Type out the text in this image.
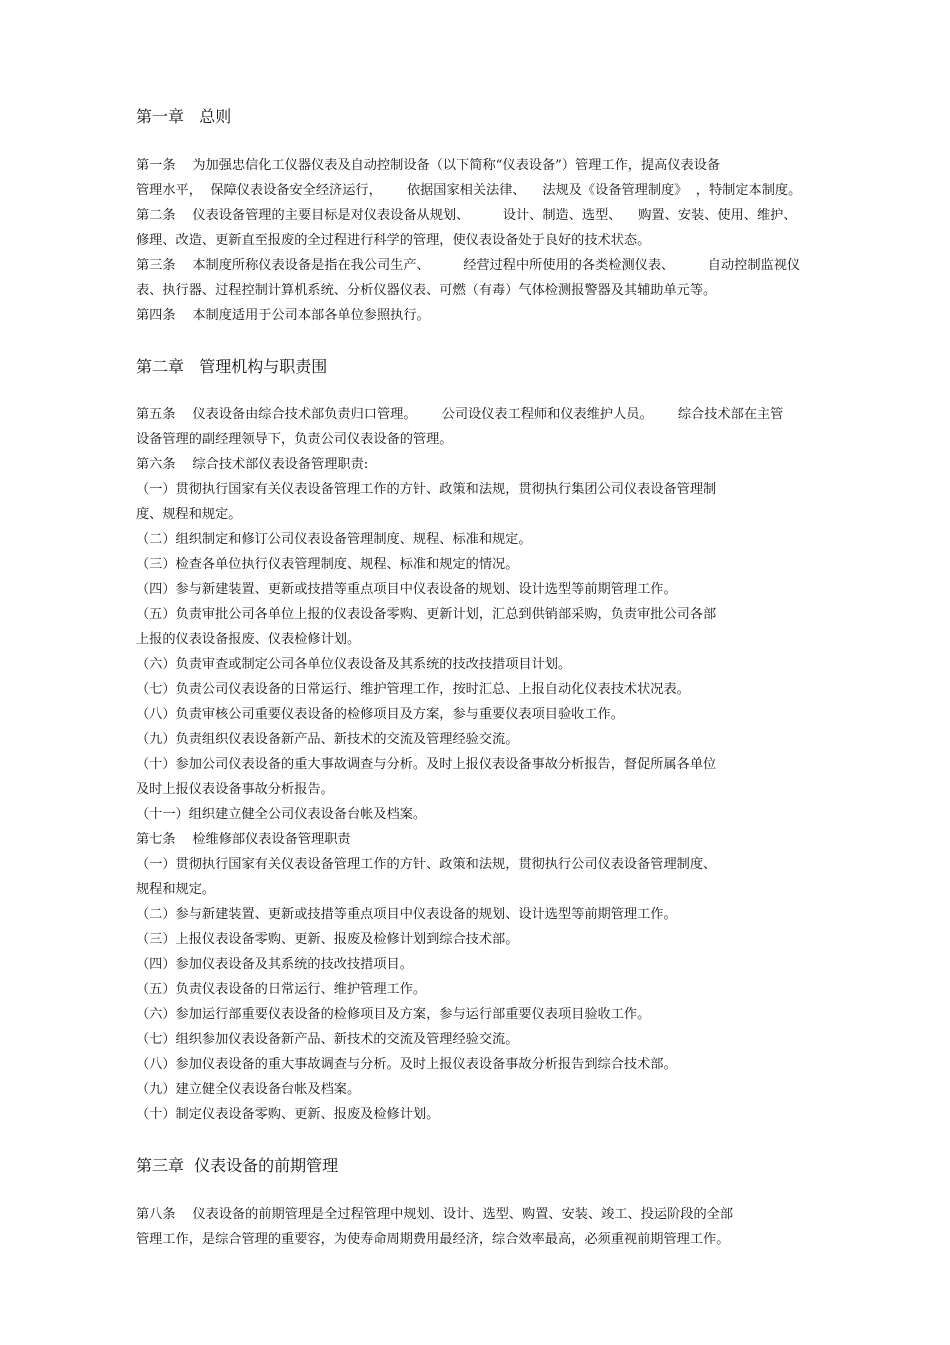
第一章   总则
第一条    为加强忠信化工仪器仪表及自动控制设备（以下简称“仪表设备”）管理工作，提高仪表设备
管理水平，  保障仪表设备安全经济运行，      依据国家相关法律、    法规及《设备管理制度》  ，特制定本制度。
第二条    仪表设备管理的主要目标是对仪表设备从规划、        设计、制造、选型、    购置、安装、使用、维护、
修理、改造、更新直至报废的全过程进行科学的管理，使仪表设备处于良好的技术状态。
第三条    本制度所称仪表设备是指在我公司生产、        经营过程中所使用的各类检测仪表、        自动控制监视仪
表、执行器、过程控制计算机系统、分析仪器仪表、可燃（有毒）气体检测报警器及其辅助单元等。
第四条    本制度适用于公司本部各单位参照执行。
第二章   管理机构与职责围
第五条    仪表设备由综合技术部负责归口管理。      公司设仪表工程师和仪表维护人员。      综合技术部在主管
设备管理的副经理领导下，负责公司仪表设备的管理。
第六条    综合技术部仪表设备管理职责:
（一）贯彻执行国家有关仪表设备管理工作的方针、政策和法规，贯彻执行集团公司仪表设备管理制
度、规程和规定。
（二）组织制定和修订公司仪表设备管理制度、规程、标准和规定。
（三）检查各单位执行仪表管理制度、规程、标准和规定的情况。
（四）参与新建装置、更新或技措等重点项目中仪表设备的规划、设计选型等前期管理工作。
（五）负责审批公司各单位上报的仪表设备零购、更新计划，汇总到供销部采购，负责审批公司各部
上报的仪表设备报废、仪表检修计划。
（六）负责审查或制定公司各单位仪表设备及其系统的技改技措项目计划。
（七）负责公司仪表设备的日常运行、维护管理工作，按时汇总、上报自动化仪表技术状况表。
（八）负责审核公司重要仪表设备的检修项目及方案，参与重要仪表项目验收工作。
（九）负责组织仪表设备新产品、新技术的交流及管理经验交流。
（十）参加公司仪表设备的重大事故调查与分析。及时上报仪表设备事故分析报告，督促所属各单位
及时上报仪表设备事故分析报告。
（十一）组织建立健全公司仪表设备台帐及档案。
第七条    检维修部仪表设备管理职责
（一）贯彻执行国家有关仪表设备管理工作的方针、政策和法规，贯彻执行公司仪表设备管理制度、
规程和规定。
（二）参与新建装置、更新或技措等重点项目中仪表设备的规划、设计选型等前期管理工作。
（三）上报仪表设备零购、更新、报废及检修计划到综合技术部。
（四）参加仪表设备及其系统的技改技措项目。
（五）负责仪表设备的日常运行、维护管理工作。
（六）参加运行部重要仪表设备的检修项目及方案，参与运行部重要仪表项目验收工作。
（七）组织参加仪表设备新产品、新技术的交流及管理经验交流。
（八）参加仪表设备的重大事故调查与分析。及时上报仪表设备事故分析报告到综合技术部。
（九）建立健全仪表设备台帐及档案。
（十）制定仪表设备零购、更新、报废及检修计划。
第三章  仪表设备的前期管理
第八条    仪表设备的前期管理是全过程管理中规划、设计、选型、购置、安装、竣工、投运阶段的全部
管理工作，是综合管理的重要容，为使寿命周期费用最经济，综合效率最高，必须重视前期管理工作。
